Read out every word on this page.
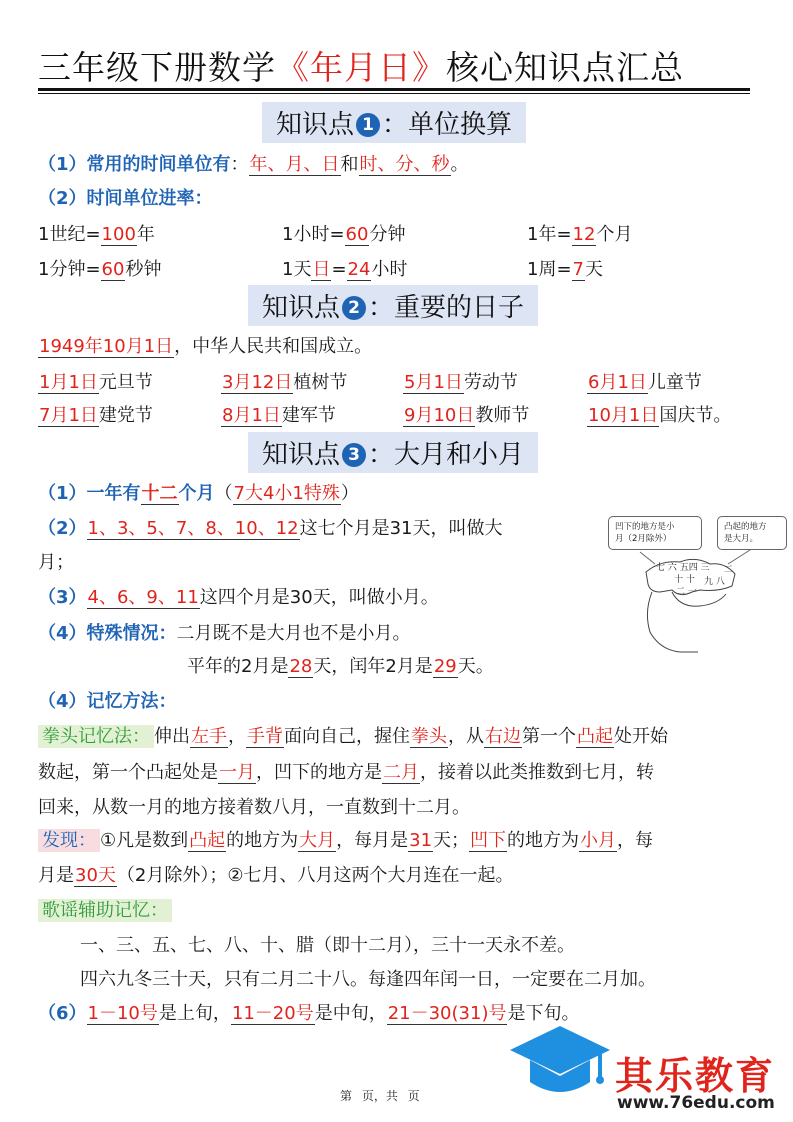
三年级下册数学《年月日》核心知识点汇总
知识点 1 ：单位换算
（1）常用的时间单位有：年、月、日和时、分、秒。
（2）时间单位进率：
1世纪=100年	1小时=60分钟	1年=12个月
1分钟=60秒钟	1天日=24小时	1周=7天
知识点 2 ：重要的日子
1949年10月1日，中华人民共和国成立。
1月1日元旦节	3月12日植树节	5月1日劳动节	6月1日儿童节
7月1日建党节	8月1日建军节	9月10日教师节	10月1日国庆节。
知识点 3 ：大月和小月
（1）一年有十二个月（7大4小1特殊）
（2）1、3、5、7、8、10、12这七个月是31天，叫做大
月；
（3）4、6、9、11这四个月是30天，叫做小月。
（4）特殊情况：二月既不是大月也不是小月。
平年的2月是28天，闰年2月是29天。
（4）记忆方法：
拳头记忆法： 伸出左手，手背面向自己，握住拳头，从右边第一个凸起处开始
数起，第一个凸起处是一月，凹下的地方是二月，接着以此类推数到七月，转
回来，从数一月的地方接着数八月，一直数到十二月。
发现： ①凡是数到凸起的地方为大月，每月是31天；凹下的地方为小月，每
月是30天（2月除外）；②七月、八月这两个大月连在一起。
歌谣辅助记忆：
一、三、五、七、八、十、腊（即十二月），三十一天永不差。
四六九冬三十天，只有二月二十八。每逢四年闰一日，一定要在二月加。
（6）1－10号是上旬，11－20号是中旬，21－30(31)号是下旬。
凹下的地方是小
月（2月除外）
凸起的地方
是大月。
七 六 五四 三 二
十 十 九 八
二 一
第 页，共 页	其乐教育
www.76edu.com
